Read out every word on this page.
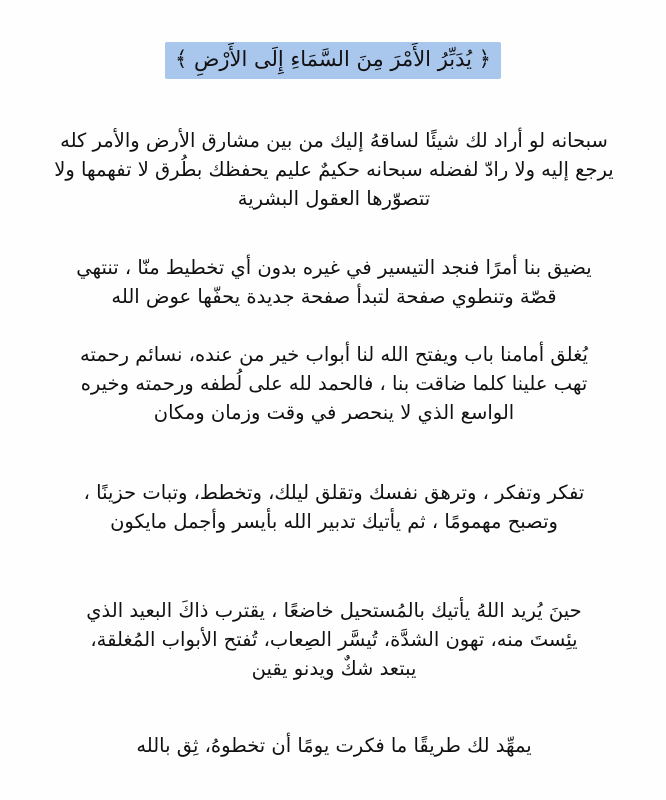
﴿ يُدَبِّرُ الأَمْرَ مِنَ السَّمَاءِ إِلَى الأَرْضِ ﴾
سبحانه لو أراد لك شيئًا لساقهُ إليك من بين مشارق الأرض والأمر كله
يرجع إليه ولا رادّ لفضله سبحانه حكيمٌ عليم يحفظك بطُرق لا تفهمها ولا
تتصوّرها العقول البشرية
يضيق بنا أمرًا فنجد التيسير في غيره بدون أي تخطيط منّا ، تنتهي
قصّة وتنطوي صفحة لتبدأ صفحة جديدة يحفّها عوض الله
يُغلق أمامنا باب ويفتح الله لنا أبواب خير من عنده، نسائم رحمته
تهب علينا كلما ضاقت بنا ، فالحمد لله على لُطفه ورحمته وخيره
الواسع الذي لا ينحصر في وقت وزمان ومكان
تفكر وتفكر ، وترهق نفسك وتقلق ليلك، وتخطط، وتبات حزينًا ،
وتصبح مهمومًا ، ثم يأتيك تدبير الله بأيسر وأجمل مايكون
حينَ يُريد اللهُ يأتيك بالمُستحيل خاضعًا ، يقترب ذاكَ البعيد الذي
يئِستَ منه، تهون الشدَّة، تُيسَّر الصِعاب، تُفتح الأبواب المُغلقة،
يبتعد شكٌ ويدنو يقين
يمهِّد لك طريقًا ما فكرت يومًا أن تخطوهُ، ثِق بالله
